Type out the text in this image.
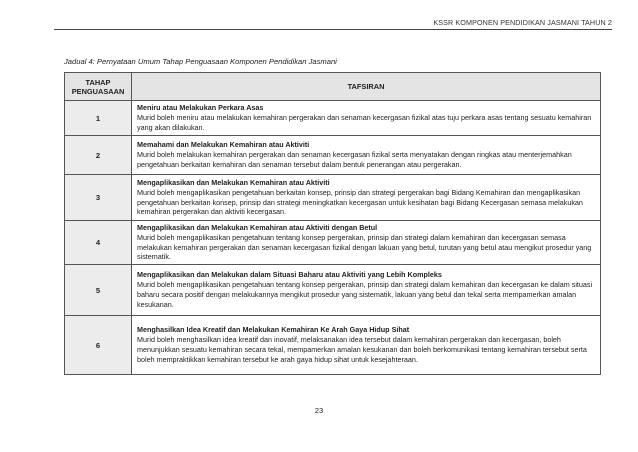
KSSR KOMPONEN PENDIDIKAN JASMANI TAHUN 2
Jadual 4: Pernyataan Umum Tahap Penguasaan Komponen Pendidikan Jasmani
TAHAP PENGUASAAN	TAFSIRAN
1	Meniru atau Melakukan Perkara Asas
Murid boleh meniru atau melakukan kemahiran pergerakan dan senaman kecergasan fizikal atas tuju perkara asas tentang sesuatu kemahiran yang akan dilakukan.

2	Memahami dan Melakukan Kemahiran atau Aktiviti
Murid boleh melakukan kemahiran pergerakan dan senaman kecergasan fizikal serta menyatakan dengan ringkas atau menterjemahkan pengetahuan berkaitan kemahiran dan senaman tersebut dalam bentuk penerangan atau pergerakan.

3	Mengaplikasikan dan Melakukan Kemahiran atau Aktiviti
Murid boleh mengaplikasikan pengetahuan berkaitan konsep, prinsip dan strategi pergerakan bagi Bidang Kemahiran dan mengaplikasikan pengetahuan berkaitan konsep, prinsip dan strategi meningkatkan kecergasan untuk kesihatan bagi Bidang Kecergasan semasa melakukan kemahiran pergerakan dan aktiviti kecergasan.

4	Mengaplikasikan dan Melakukan Kemahiran atau Aktiviti dengan Betul
Murid boleh mengaplikasikan pengetahuan tentang konsep pergerakan, prinsip dan strategi dalam kemahiran dan kecergasan semasa melakukan kemahiran pergerakan dan senaman kecergasan fizikal dengan lakuan yang betul, turutan yang betul atau mengikut prosedur yang sistematik.

5	Mengaplikasikan dan Melakukan dalam Situasi Baharu atau Aktiviti yang Lebih Kompleks
Murid boleh mengaplikasikan pengetahuan tentang konsep pergerakan, prinsip dan strategi dalam kemahiran dan kecergasan ke dalam situasi baharu secara positif dengan melakukannya mengikut prosedur yang sistematik, lakuan yang betul dan tekal serta mempamerkan amalan kesukanan.

6	Menghasilkan Idea Kreatif dan Melakukan Kemahiran Ke Arah Gaya Hidup Sihat
Murid boleh menghasilkan idea kreatif dan inovatif, melaksanakan idea tersebut dalam kemahiran pergerakan dan kecergasan, boleh menunjukkan sesuatu kemahiran secara tekal, mempamerkan amalan kesukanan dan boleh berkomunikasi tentang kemahiran tersebut serta boleh mempraktikkan kemahiran tersebut ke arah gaya hidup sihat untuk kesejahteraan.
23
